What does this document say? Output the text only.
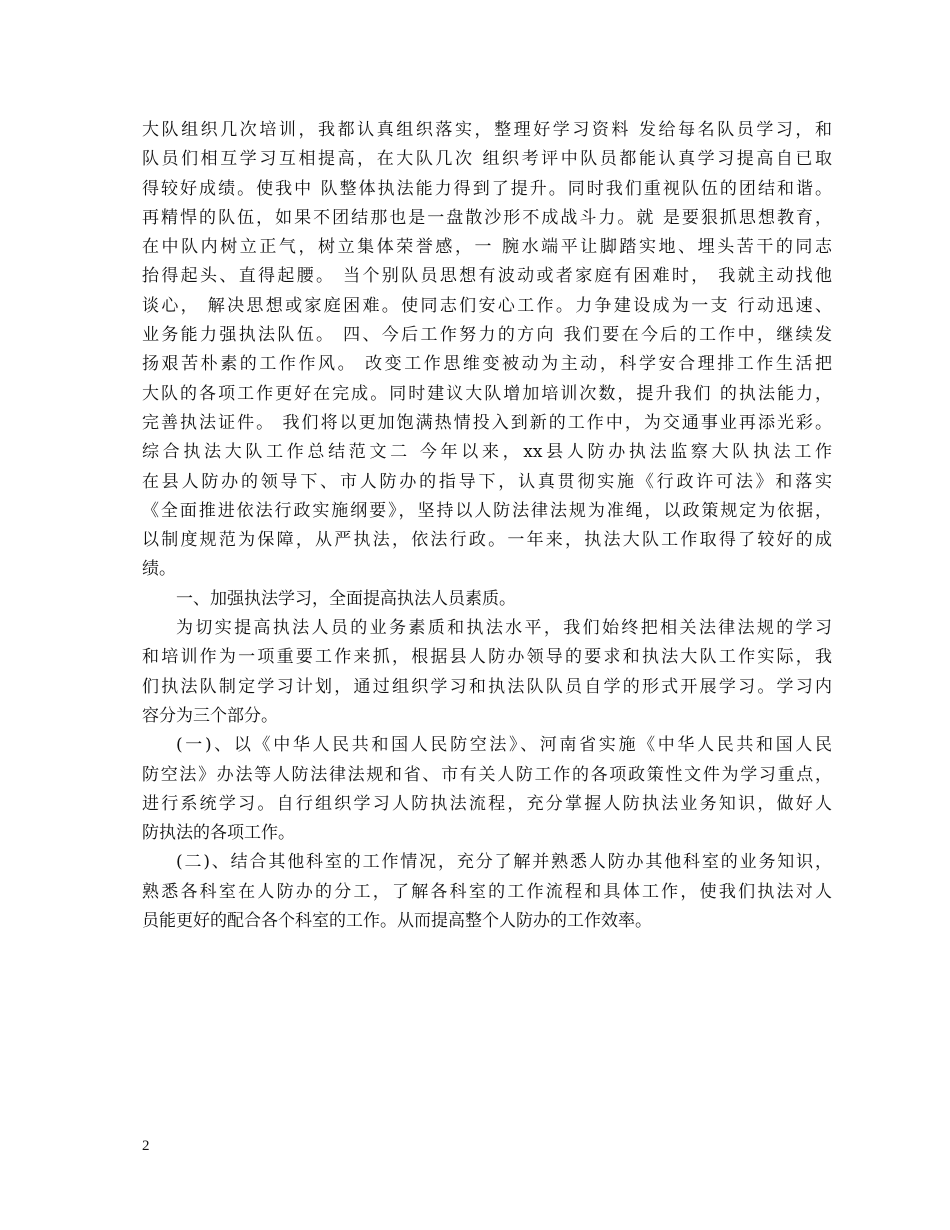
大队组织几次培训，我都认真组织落实，整理好学习资料 发给每名队员学习，和
队员们相互学习互相提高，在大队几次 组织考评中队员都能认真学习提高自已取
得较好成绩。使我中 队整体执法能力得到了提升。同时我们重视队伍的团结和谐。
再精悍的队伍，如果不团结那也是一盘散沙形不成战斗力。就 是要狠抓思想教育，
在中队内树立正气，树立集体荣誉感，一 腕水端平让脚踏实地、埋头苦干的同志
抬得起头、直得起腰。 当个别队员思想有波动或者家庭有困难时， 我就主动找他
谈心， 解决思想或家庭困难。使同志们安心工作。力争建设成为一支 行动迅速、
业务能力强执法队伍。 四、今后工作努力的方向 我们要在今后的工作中，继续发
扬艰苦朴素的工作作风。 改变工作思维变被动为主动，科学安合理排工作生活把
大队的各项工作更好在完成。同时建议大队增加培训次数，提升我们 的执法能力，
完善执法证件。 我们将以更加饱满热情投入到新的工作中，为交通事业再添光彩。
综合执法大队工作总结范文二 今年以来，xx县人防办执法监察大队执法工作
在县人防办的领导下、市人防办的指导下，认真贯彻实施《行政许可法》和落实
《全面推进依法行政实施纲要》，坚持以人防法律法规为准绳，以政策规定为依据，
以制度规范为保障，从严执法，依法行政。一年来，执法大队工作取得了较好的成
绩。
一、加强执法学习，全面提高执法人员素质。
为切实提高执法人员的业务素质和执法水平，我们始终把相关法律法规的学习
和培训作为一项重要工作来抓，根据县人防办领导的要求和执法大队工作实际，我
们执法队制定学习计划，通过组织学习和执法队队员自学的形式开展学习。学习内
容分为三个部分。
(一)、以《中华人民共和国人民防空法》、河南省实施《中华人民共和国人民
防空法》办法等人防法律法规和省、市有关人防工作的各项政策性文件为学习重点，
进行系统学习。自行组织学习人防执法流程，充分掌握人防执法业务知识，做好人
防执法的各项工作。
(二)、结合其他科室的工作情况，充分了解并熟悉人防办其他科室的业务知识，
熟悉各科室在人防办的分工，了解各科室的工作流程和具体工作，使我们执法对人
员能更好的配合各个科室的工作。从而提高整个人防办的工作效率。
2
